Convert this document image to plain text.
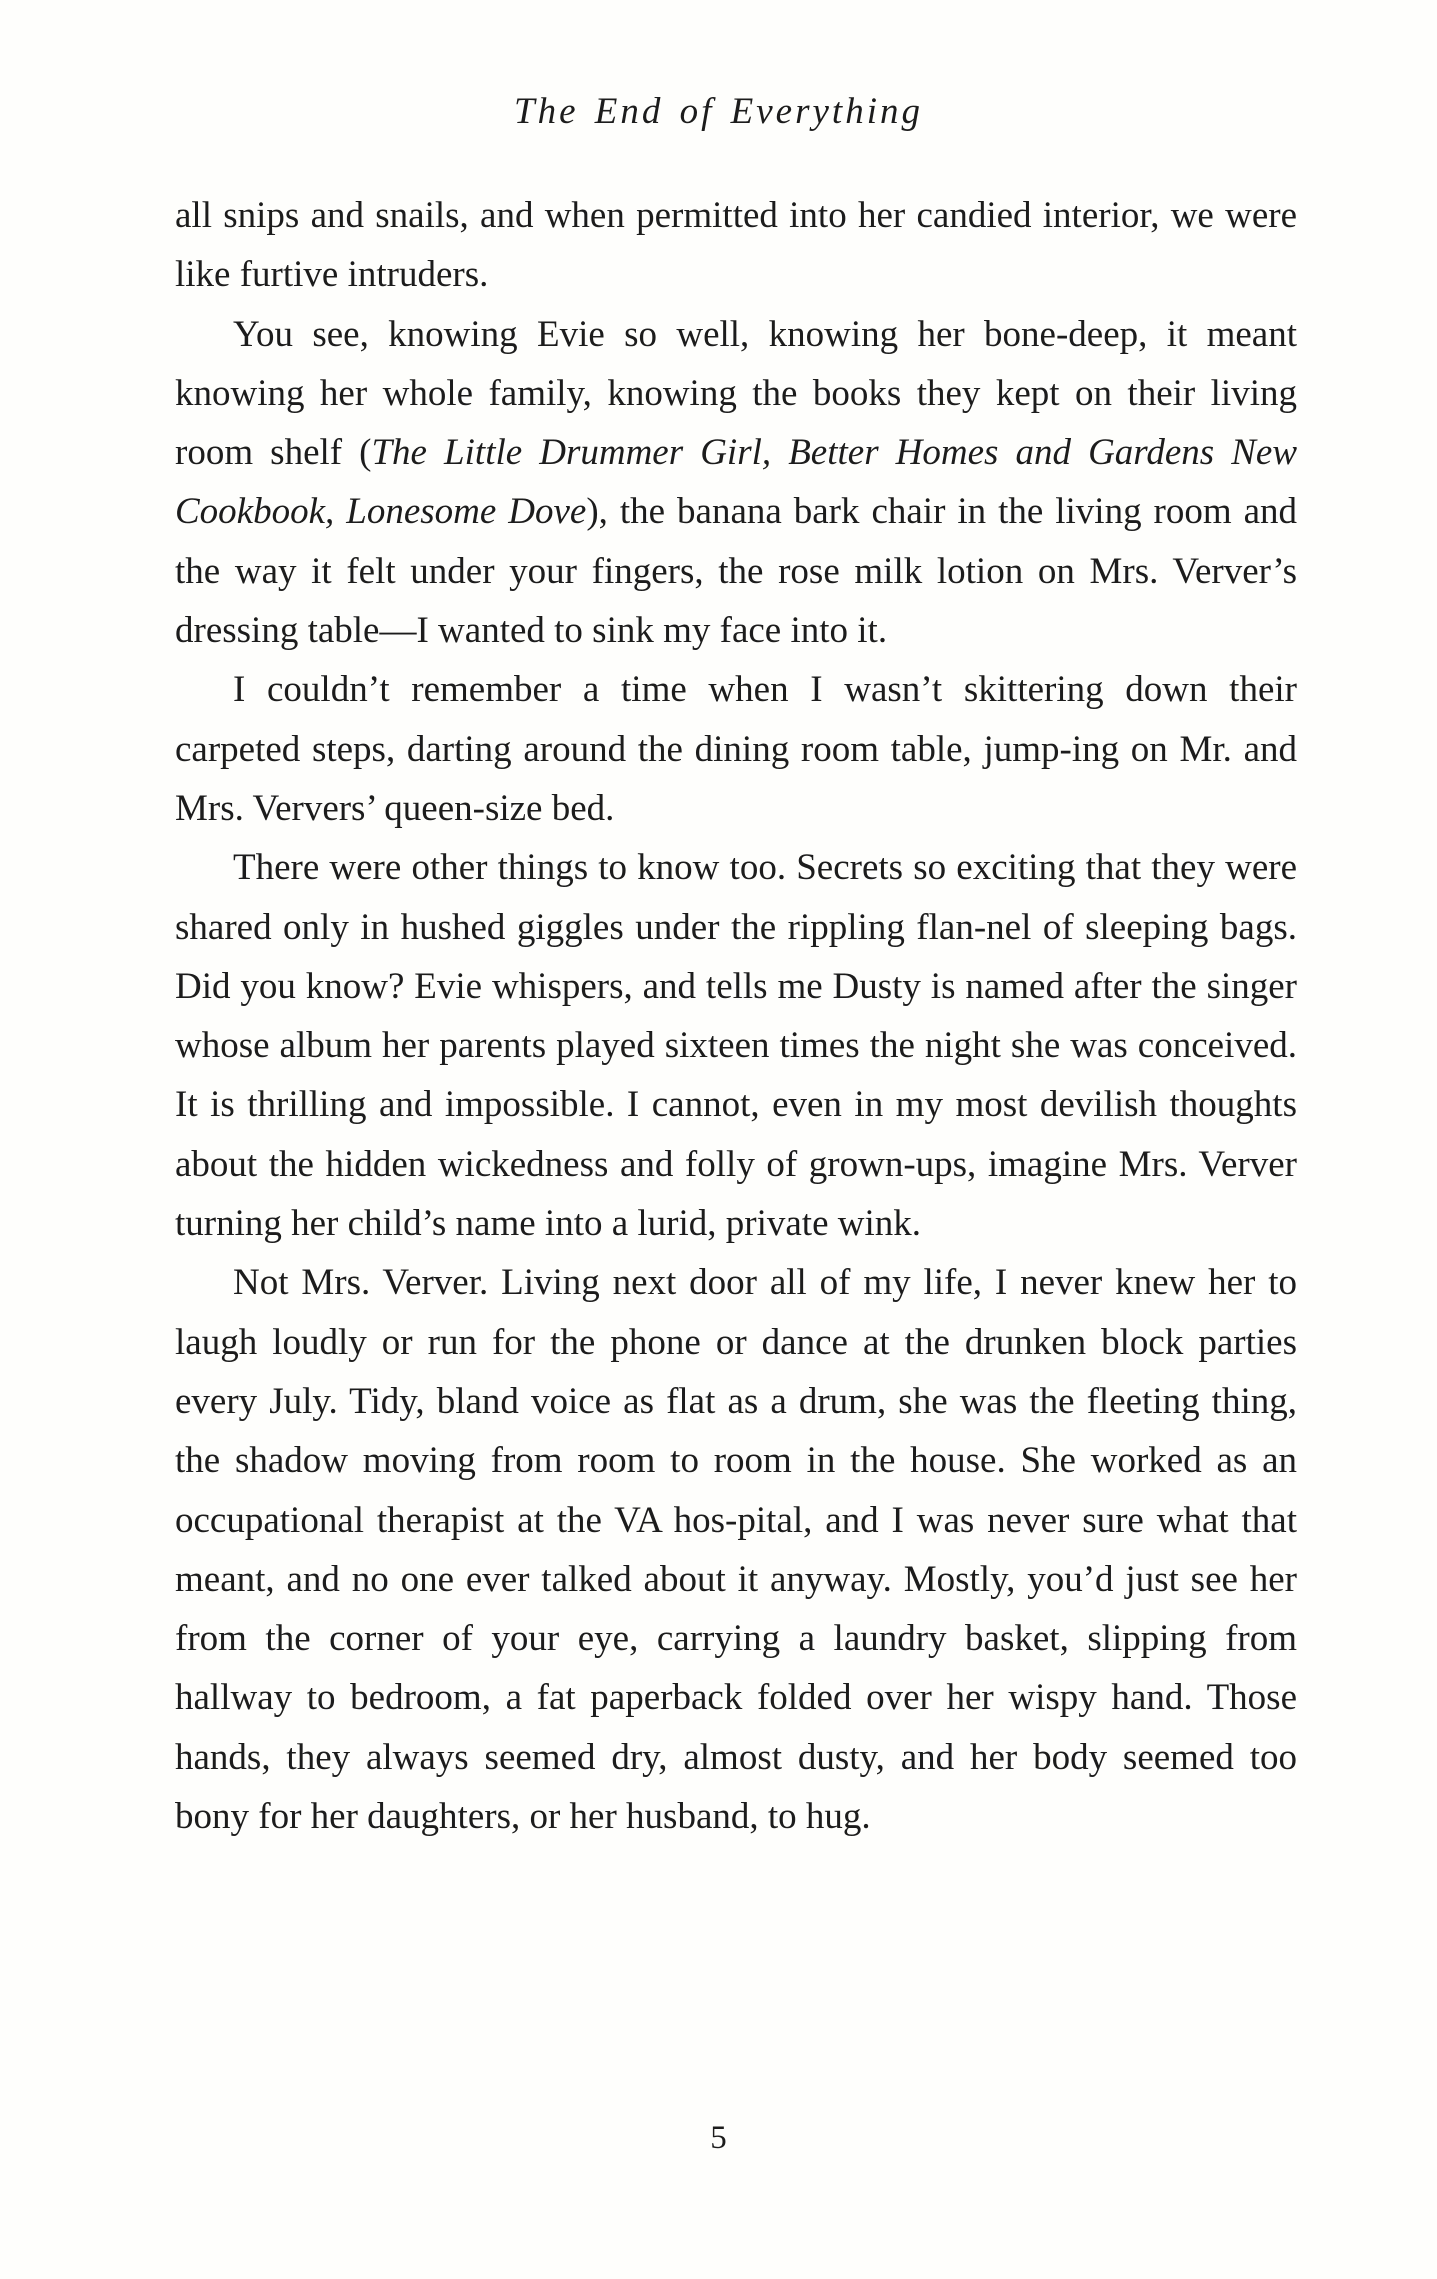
The End of Everything

all snips and snails, and when permitted into her candied interior, we were like furtive intruders.

You see, knowing Evie so well, knowing her bone-deep, it meant knowing her whole family, knowing the books they kept on their living room shelf (The Little Drummer Girl, Better Homes and Gardens New Cookbook, Lonesome Dove), the banana bark chair in the living room and the way it felt under your fingers, the rose milk lotion on Mrs. Verver’s dressing table—I wanted to sink my face into it.

I couldn’t remember a time when I wasn’t skittering down their carpeted steps, darting around the dining room table, jump-ing on Mr. and Mrs. Ververs’ queen-size bed.

There were other things to know too. Secrets so exciting that they were shared only in hushed giggles under the rippling flan-nel of sleeping bags. Did you know? Evie whispers, and tells me Dusty is named after the singer whose album her parents played sixteen times the night she was conceived. It is thrilling and impossible. I cannot, even in my most devilish thoughts about the hidden wickedness and folly of grown-ups, imagine Mrs. Verver turning her child’s name into a lurid, private wink.

Not Mrs. Verver. Living next door all of my life, I never knew her to laugh loudly or run for the phone or dance at the drunken block parties every July. Tidy, bland voice as flat as a drum, she was the fleeting thing, the shadow moving from room to room in the house. She worked as an occupational therapist at the VA hos-pital, and I was never sure what that meant, and no one ever talked about it anyway. Mostly, you’d just see her from the corner of your eye, carrying a laundry basket, slipping from hallway to bedroom, a fat paperback folded over her wispy hand. Those hands, they always seemed dry, almost dusty, and her body seemed too bony for her daughters, or her husband, to hug.

5
